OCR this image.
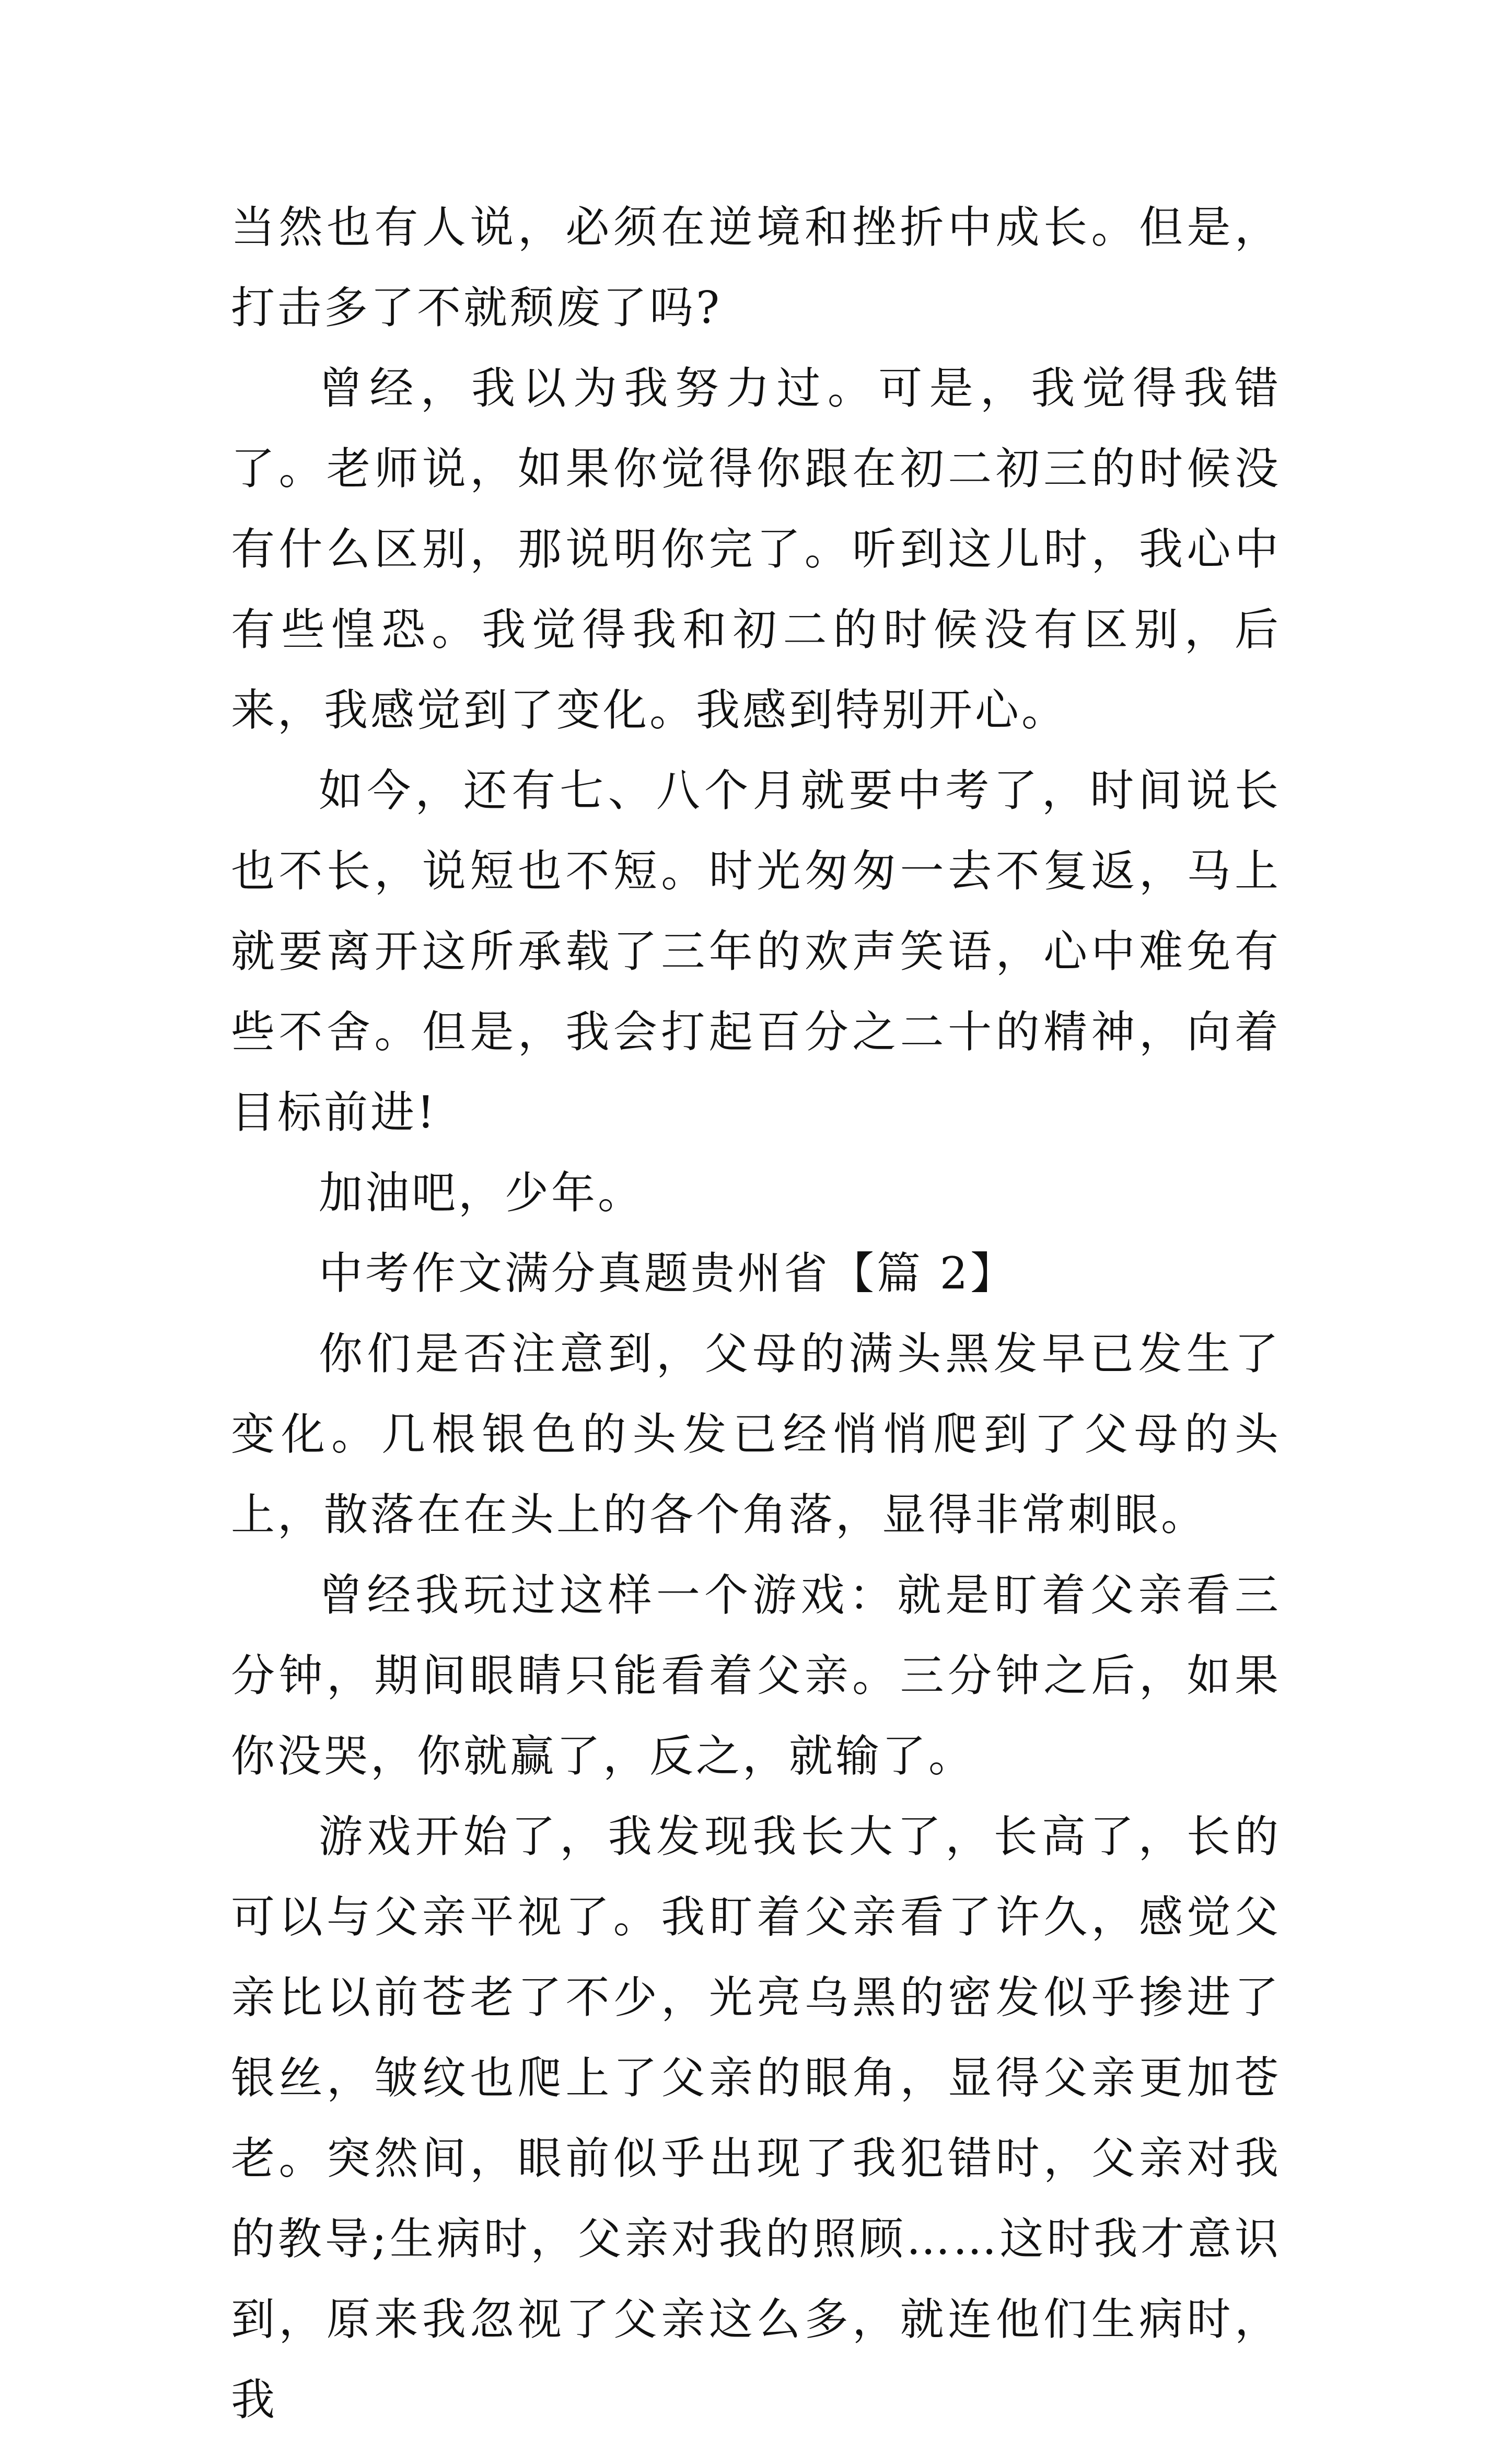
当然也有人说，必须在逆境和挫折中成长。但是，打击多了不就颓废了吗?

曾经，我以为我努力过。可是，我觉得我错了。老师说，如果你觉得你跟在初二初三的时候没有什么区别，那说明你完了。听到这儿时，我心中有些惶恐。我觉得我和初二的时候没有区别，后来，我感觉到了变化。我感到特别开心。

如今，还有七、八个月就要中考了，时间说长也不长，说短也不短。时光匆匆一去不复返，马上就要离开这所承载了三年的欢声笑语，心中难免有些不舍。但是，我会打起百分之二十的精神，向着目标前进!

加油吧，少年。

中考作文满分真题贵州省【篇 2】

你们是否注意到，父母的满头黑发早已发生了变化。几根银色的头发已经悄悄爬到了父母的头上，散落在在头上的各个角落，显得非常刺眼。

曾经我玩过这样一个游戏：就是盯着父亲看三分钟，期间眼睛只能看着父亲。三分钟之后，如果你没哭，你就赢了，反之，就输了。

游戏开始了，我发现我长大了，长高了，长的可以与父亲平视了。我盯着父亲看了许久，感觉父亲比以前苍老了不少，光亮乌黑的密发似乎掺进了银丝，皱纹也爬上了父亲的眼角，显得父亲更加苍老。突然间，眼前似乎出现了我犯错时，父亲对我的教导;生病时，父亲对我的照顾……这时我才意识到，原来我忽视了父亲这么多，就连他们生病时，我
